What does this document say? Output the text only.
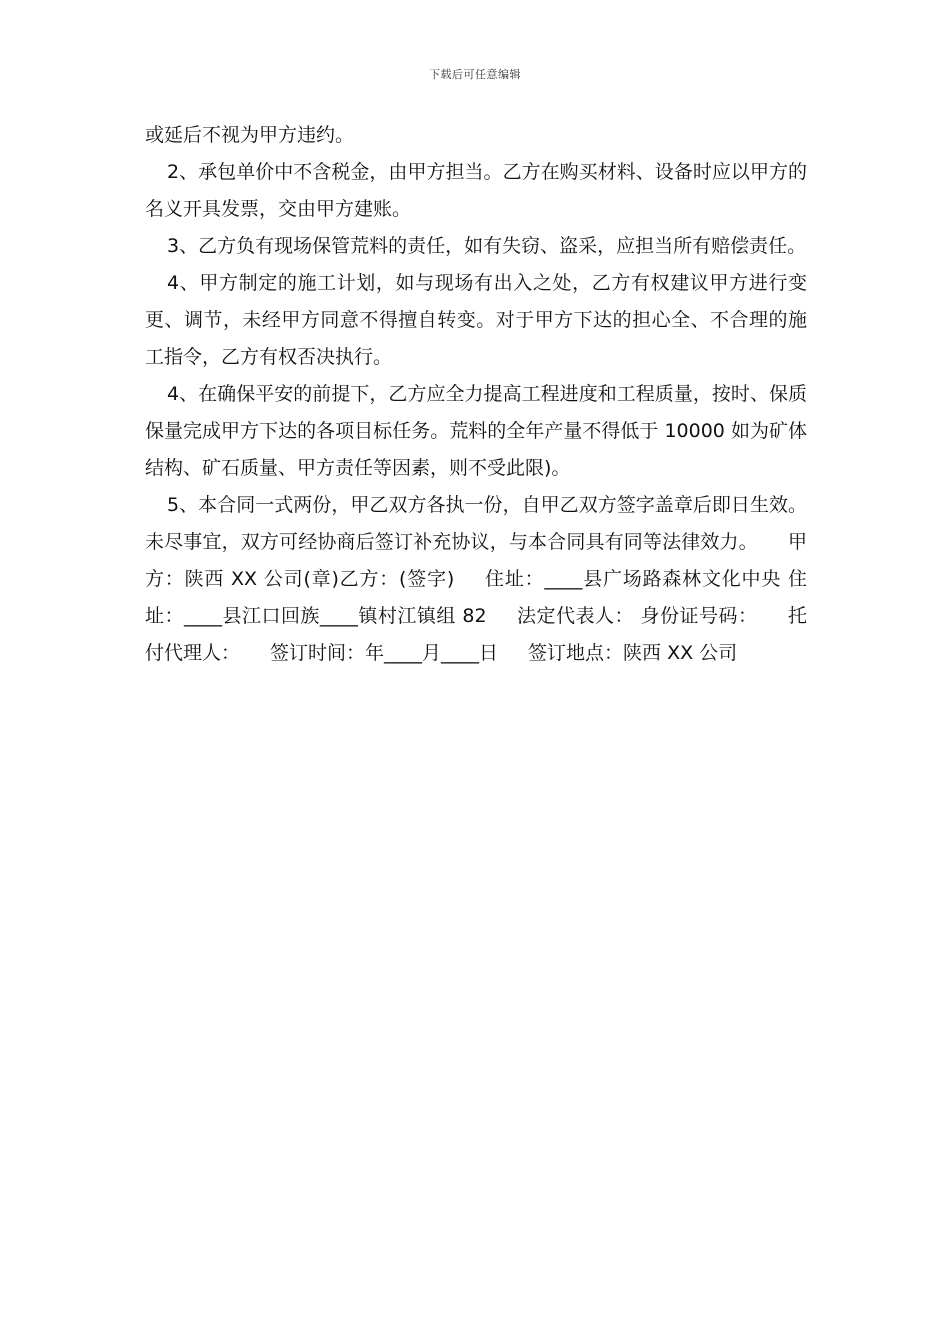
下载后可任意编辑

或延后不视为甲方违约。

2、承包单价中不含税金，由甲方担当。乙方在购买材料、设备时应以甲方的名义开具发票，交由甲方建账。

3、乙方负有现场保管荒料的责任，如有失窃、盗采，应担当所有赔偿责任。

4、甲方制定的施工计划，如与现场有出入之处，乙方有权建议甲方进行变更、调节，未经甲方同意不得擅自转变。对于甲方下达的担心全、不合理的施工指令，乙方有权否决执行。

4、在确保平安的前提下，乙方应全力提高工程进度和工程质量，按时、保质保量完成甲方下达的各项目标任务。荒料的全年产量不得低于 10000 如为矿体结构、矿石质量、甲方责任等因素，则不受此限)。

5、本合同一式两份，甲乙双方各执一份，自甲乙双方签字盖章后即日生效。未尽事宜，双方可经协商后签订补充协议，与本合同具有同等法律效力。 甲方：陕西 XX 公司(章)乙方：(签字) 住址：____县广场路森林文化中央 住址：____县江口回族____镇村江镇组 82 法定代表人： 身份证号码： 托付代理人： 签订时间：年____月____日 签订地点：陕西 XX 公司
